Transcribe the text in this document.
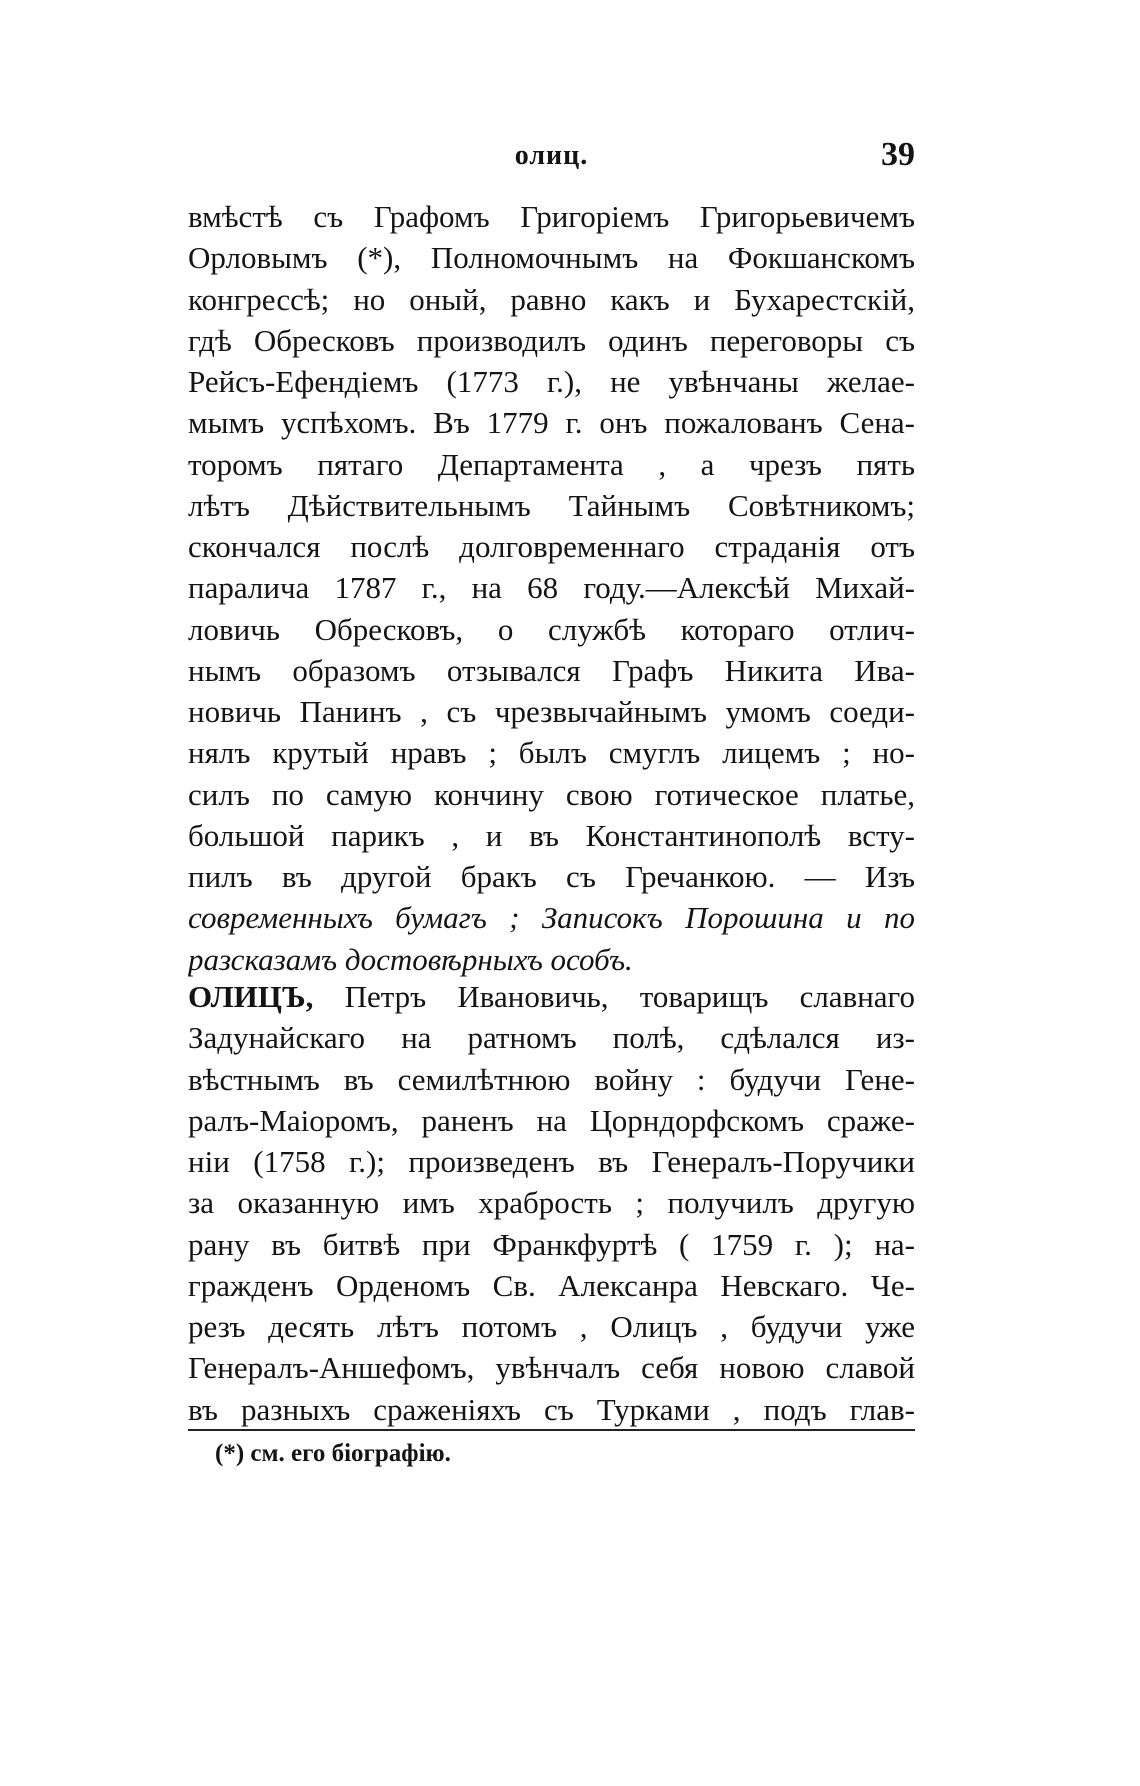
олиц.	39
вмѣстѣ съ Графомъ Григоріемъ Григорьевичемъ
Орловымъ (*), Полномочнымъ на Фокшанскомъ
конгрессѣ; но оный, равно какъ и Бухарестскій,
гдѣ Обресковъ производилъ одинъ переговоры съ
Рейсъ-Ефендіемъ (1773 г.), не увѣнчаны желае-
мымъ успѣхомъ. Въ 1779 г. онъ пожалованъ Сена-
торомъ пятаго Департамента , а чрезъ пять
лѣтъ Дѣйствительнымъ Тайнымъ Совѣтникомъ;
скончался послѣ долговременнаго страданія отъ
паралича 1787 г., на 68 году.—Алексѣй Михай-
ловичь Обресковъ, о службѣ котораго отлич-
нымъ образомъ отзывался Графъ Никита Ива-
новичь Панинъ , съ чрезвычайнымъ умомъ соеди-
нялъ крутый нравъ ; былъ смуглъ лицемъ ; но-
силъ по самую кончину свою готическое платье,
большой парикъ , и въ Константинополѣ всту-
пилъ въ другой бракъ съ Гречанкою. — Изъ
современныхъ бумагъ ; Записокъ Порошина и по
разсказамъ достовѣрныхъ особъ.
ОЛИЦЪ, Петръ Ивановичь, товарищъ славнаго
Задунайскаго на ратномъ полѣ, сдѣлался из-
вѣстнымъ въ семилѣтнюю войну : будучи Гене-
ралъ-Маіоромъ, раненъ на Цорндорфскомъ сраже-
ніи (1758 г.); произведенъ въ Генералъ-Поручики
за оказанную имъ храбрость ; получилъ другую
рану въ битвѣ при Франкфуртѣ ( 1759 г. ); на-
гражденъ Орденомъ Св. Алексанра Невскаго. Че-
резъ десять лѣтъ потомъ , Олицъ , будучи уже
Генералъ-Аншефомъ, увѣнчалъ себя новою славой
въ разныхъ сраженіяхъ съ Турками , подъ глав-
(*) см. его біографію.
